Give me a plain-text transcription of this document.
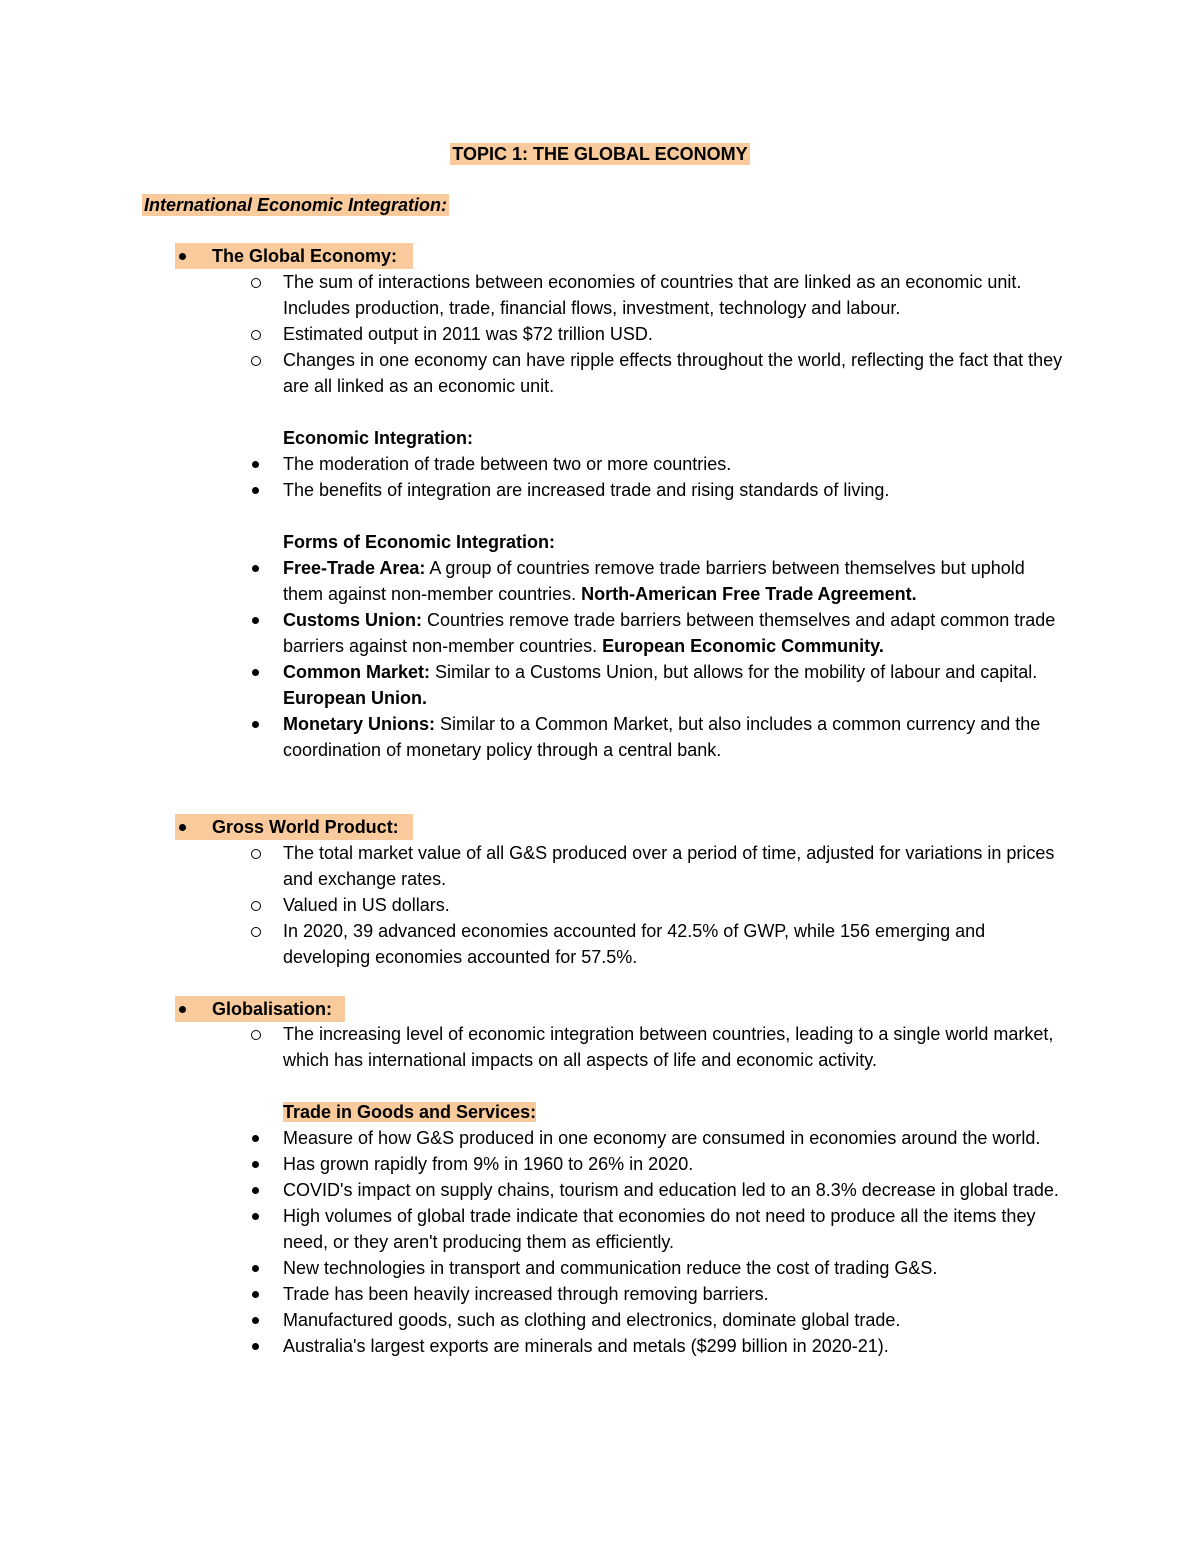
TOPIC 1: THE GLOBAL ECONOMY
International Economic Integration:
The Global Economy:
The sum of interactions between economies of countries that are linked as an economic unit. Includes production, trade, financial flows, investment, technology and labour.
Estimated output in 2011 was $72 trillion USD.
Changes in one economy can have ripple effects throughout the world, reflecting the fact that they are all linked as an economic unit.
Economic Integration:
The moderation of trade between two or more countries.
The benefits of integration are increased trade and rising standards of living.
Forms of Economic Integration:
Free-Trade Area: A group of countries remove trade barriers between themselves but uphold them against non-member countries. North-American Free Trade Agreement.
Customs Union: Countries remove trade barriers between themselves and adapt common trade barriers against non-member countries. European Economic Community.
Common Market: Similar to a Customs Union, but allows for the mobility of labour and capital. European Union.
Monetary Unions: Similar to a Common Market, but also includes a common currency and the coordination of monetary policy through a central bank.
Gross World Product:
The total market value of all G&S produced over a period of time, adjusted for variations in prices and exchange rates.
Valued in US dollars.
In 2020, 39 advanced economies accounted for 42.5% of GWP, while 156 emerging and developing economies accounted for 57.5%.
Globalisation:
The increasing level of economic integration between countries, leading to a single world market, which has international impacts on all aspects of life and economic activity.
Trade in Goods and Services:
Measure of how G&S produced in one economy are consumed in economies around the world.
Has grown rapidly from 9% in 1960 to 26% in 2020.
COVID's impact on supply chains, tourism and education led to an 8.3% decrease in global trade.
High volumes of global trade indicate that economies do not need to produce all the items they need, or they aren't producing them as efficiently.
New technologies in transport and communication reduce the cost of trading G&S.
Trade has been heavily increased through removing barriers.
Manufactured goods, such as clothing and electronics, dominate global trade.
Australia's largest exports are minerals and metals ($299 billion in 2020-21).
